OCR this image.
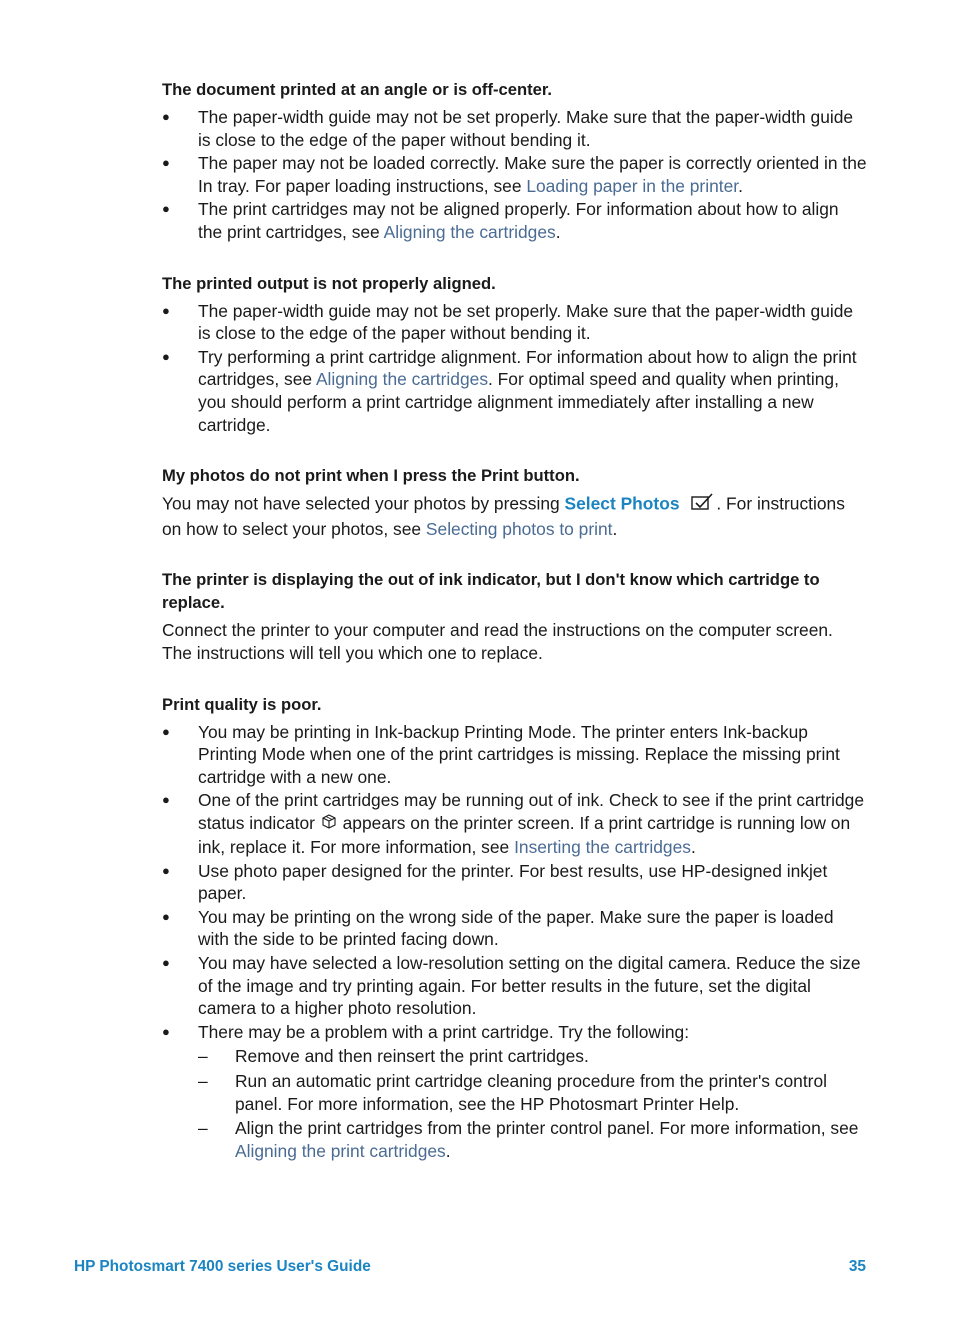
The document printed at an angle or is off-center.
● The paper-width guide may not be set properly. Make sure that the paper-width guide is close to the edge of the paper without bending it.
● The paper may not be loaded correctly. Make sure the paper is correctly oriented in the In tray. For paper loading instructions, see Loading paper in the printer.
● The print cartridges may not be aligned properly. For information about how to align the print cartridges, see Aligning the cartridges.
The printed output is not properly aligned.
● The paper-width guide may not be set properly. Make sure that the paper-width guide is close to the edge of the paper without bending it.
● Try performing a print cartridge alignment. For information about how to align the print cartridges, see Aligning the cartridges. For optimal speed and quality when printing, you should perform a print cartridge alignment immediately after installing a new cartridge.
My photos do not print when I press the Print button.

You may not have selected your photos by pressing Select Photos . For instructions on how to select your photos, see Selecting photos to print.

The printer is displaying the out of ink indicator, but I don't know which cartridge to replace.

Connect the printer to your computer and read the instructions on the computer screen. The instructions will tell you which one to replace.

Print quality is poor.
● You may be printing in Ink-backup Printing Mode. The printer enters Ink-backup Printing Mode when one of the print cartridges is missing. Replace the missing print cartridge with a new one.
● One of the print cartridges may be running out of ink. Check to see if the print cartridge status indicator  appears on the printer screen. If a print cartridge is running low on ink, replace it. For more information, see Inserting the cartridges.
● Use photo paper designed for the printer. For best results, use HP-designed inkjet paper.
● You may be printing on the wrong side of the paper. Make sure the paper is loaded with the side to be printed facing down.
● You may have selected a low-resolution setting on the digital camera. Reduce the size of the image and try printing again. For better results in the future, set the digital camera to a higher photo resolution.
● There may be a problem with a print cartridge. Try the following:
– Remove and then reinsert the print cartridges.
– Run an automatic print cartridge cleaning procedure from the printer's control panel. For more information, see the HP Photosmart Printer Help.
– Align the print cartridges from the printer control panel. For more information, see Aligning the print cartridges.
HP Photosmart 7400 series User's Guide	35
